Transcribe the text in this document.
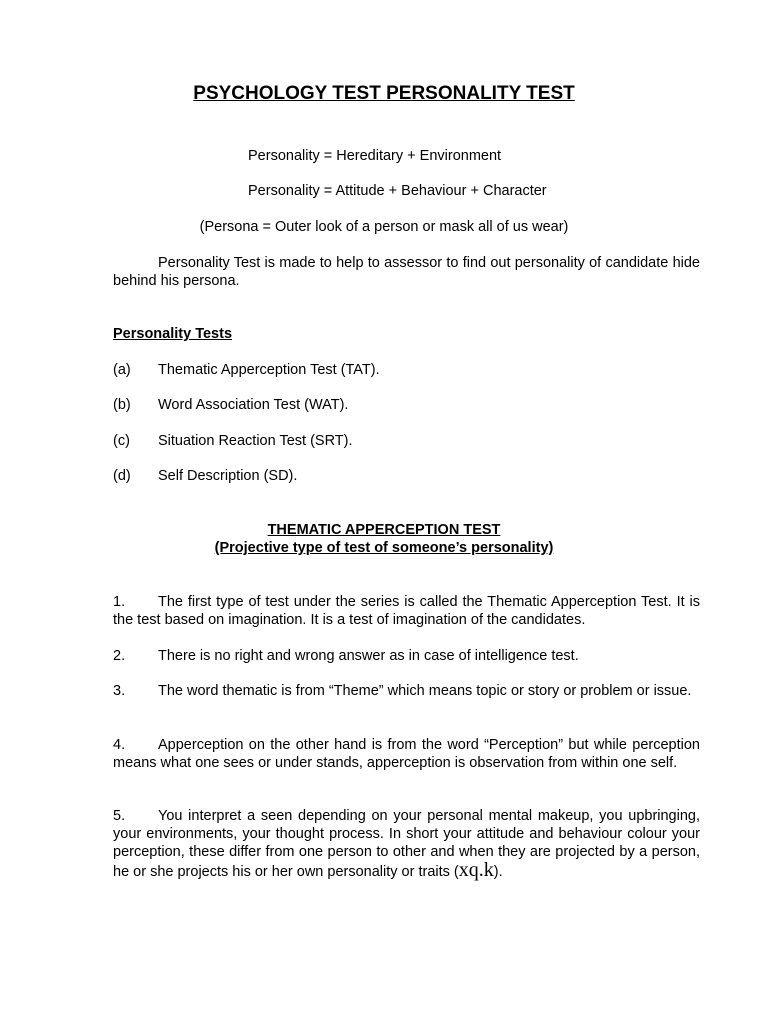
PSYCHOLOGY TEST PERSONALITY TEST
Personality = Hereditary + Environment
Personality = Attitude + Behaviour + Character
(Persona = Outer look of a person or mask all of us wear)
Personality Test is made to help to assessor to find out personality of candidate hide behind his persona.
Personality Tests
(a) Thematic Apperception Test (TAT).
(b) Word Association Test (WAT).
(c) Situation Reaction Test (SRT).
(d) Self Description (SD).
THEMATIC APPERCEPTION TEST
(Projective type of test of someone’s personality)
1. The first type of test under the series is called the Thematic Apperception Test. It is the test based on imagination. It is a test of imagination of the candidates.
2. There is no right and wrong answer as in case of intelligence test.
3. The word thematic is from “Theme” which means topic or story or problem or issue.
4. Apperception on the other hand is from the word “Perception” but while perception means what one sees or under stands, apperception is observation from within one self.
5. You interpret a seen depending on your personal mental makeup, you upbringing, your environments, your thought process. In short your attitude and behaviour colour your perception, these differ from one person to other and when they are projected by a person, he or she projects his or her own personality or traits (xq.k).
